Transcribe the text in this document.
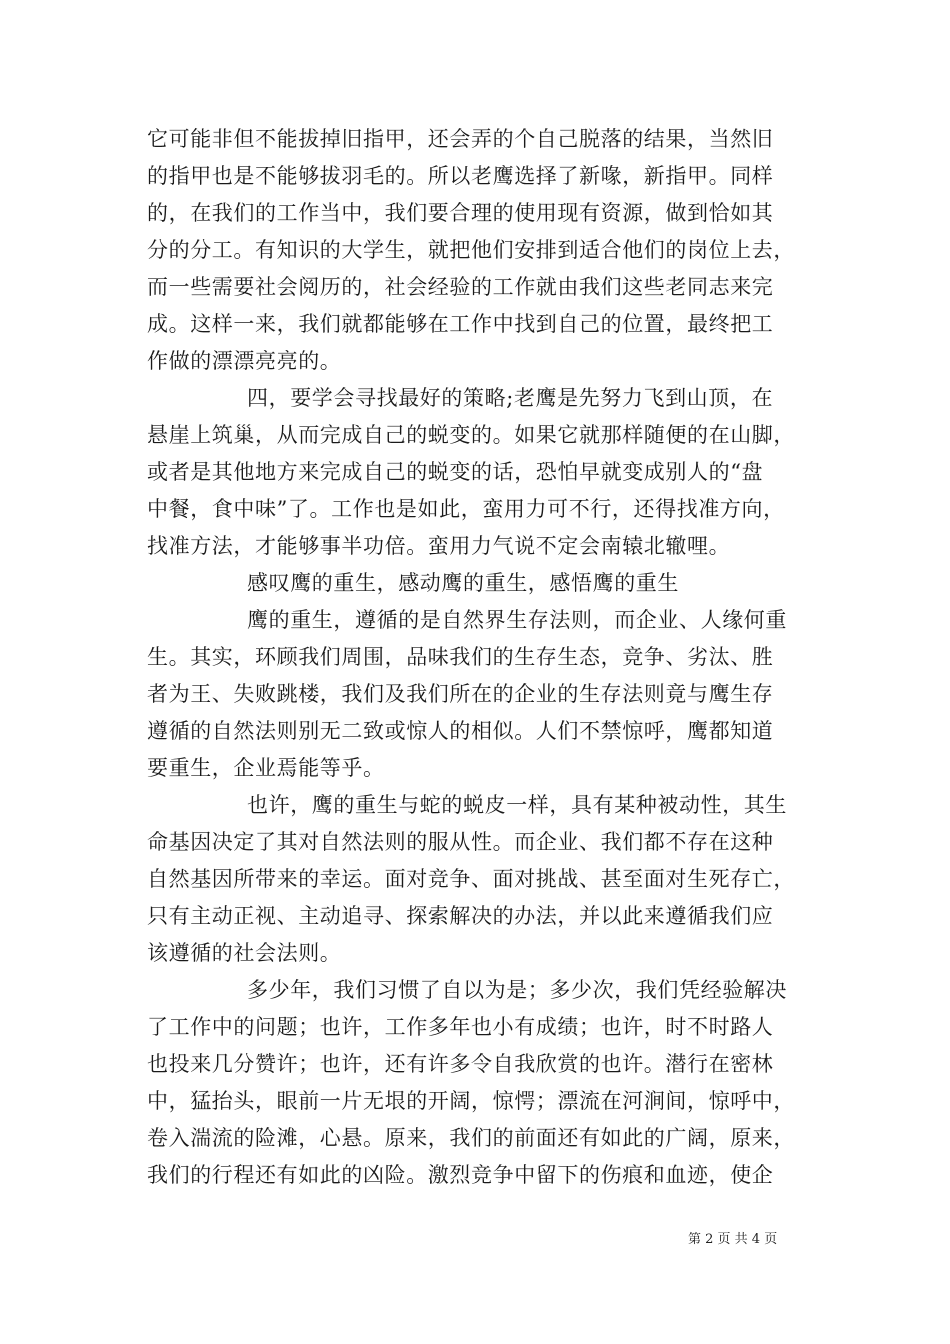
它可能非但不能拔掉旧指甲，还会弄的个自己脱落的结果，当然旧
的指甲也是不能够拔羽毛的。所以老鹰选择了新喙，新指甲。同样
的，在我们的工作当中，我们要合理的使用现有资源，做到恰如其
分的分工。有知识的大学生，就把他们安排到适合他们的岗位上去，
而一些需要社会阅历的，社会经验的工作就由我们这些老同志来完
成。这样一来，我们就都能够在工作中找到自己的位置，最终把工
作做的漂漂亮亮的。
四，要学会寻找最好的策略;老鹰是先努力飞到山顶，在
悬崖上筑巢，从而完成自己的蜕变的。如果它就那样随便的在山脚，
或者是其他地方来完成自己的蜕变的话，恐怕早就变成别人的“盘
中餐，食中味”了。工作也是如此，蛮用力可不行，还得找准方向，
找准方法，才能够事半功倍。蛮用力气说不定会南辕北辙哩。
感叹鹰的重生，感动鹰的重生，感悟鹰的重生
鹰的重生，遵循的是自然界生存法则，而企业、人缘何重
生。其实，环顾我们周围，品味我们的生存生态，竞争、劣汰、胜
者为王、失败跳楼，我们及我们所在的企业的生存法则竟与鹰生存
遵循的自然法则别无二致或惊人的相似。人们不禁惊呼，鹰都知道
要重生，企业焉能等乎。
也许，鹰的重生与蛇的蜕皮一样，具有某种被动性，其生
命基因决定了其对自然法则的服从性。而企业、我们都不存在这种
自然基因所带来的幸运。面对竞争、面对挑战、甚至面对生死存亡，
只有主动正视、主动追寻、探索解决的办法，并以此来遵循我们应
该遵循的社会法则。
多少年，我们习惯了自以为是；多少次，我们凭经验解决
了工作中的问题；也许，工作多年也小有成绩；也许，时不时路人
也投来几分赞许；也许，还有许多令自我欣赏的也许。潜行在密林
中，猛抬头，眼前一片无垠的开阔，惊愕；漂流在河涧间，惊呼中，
卷入湍流的险滩，心悬。原来，我们的前面还有如此的广阔，原来，
我们的行程还有如此的凶险。激烈竞争中留下的伤痕和血迹，使企
第 2 页 共 4 页
